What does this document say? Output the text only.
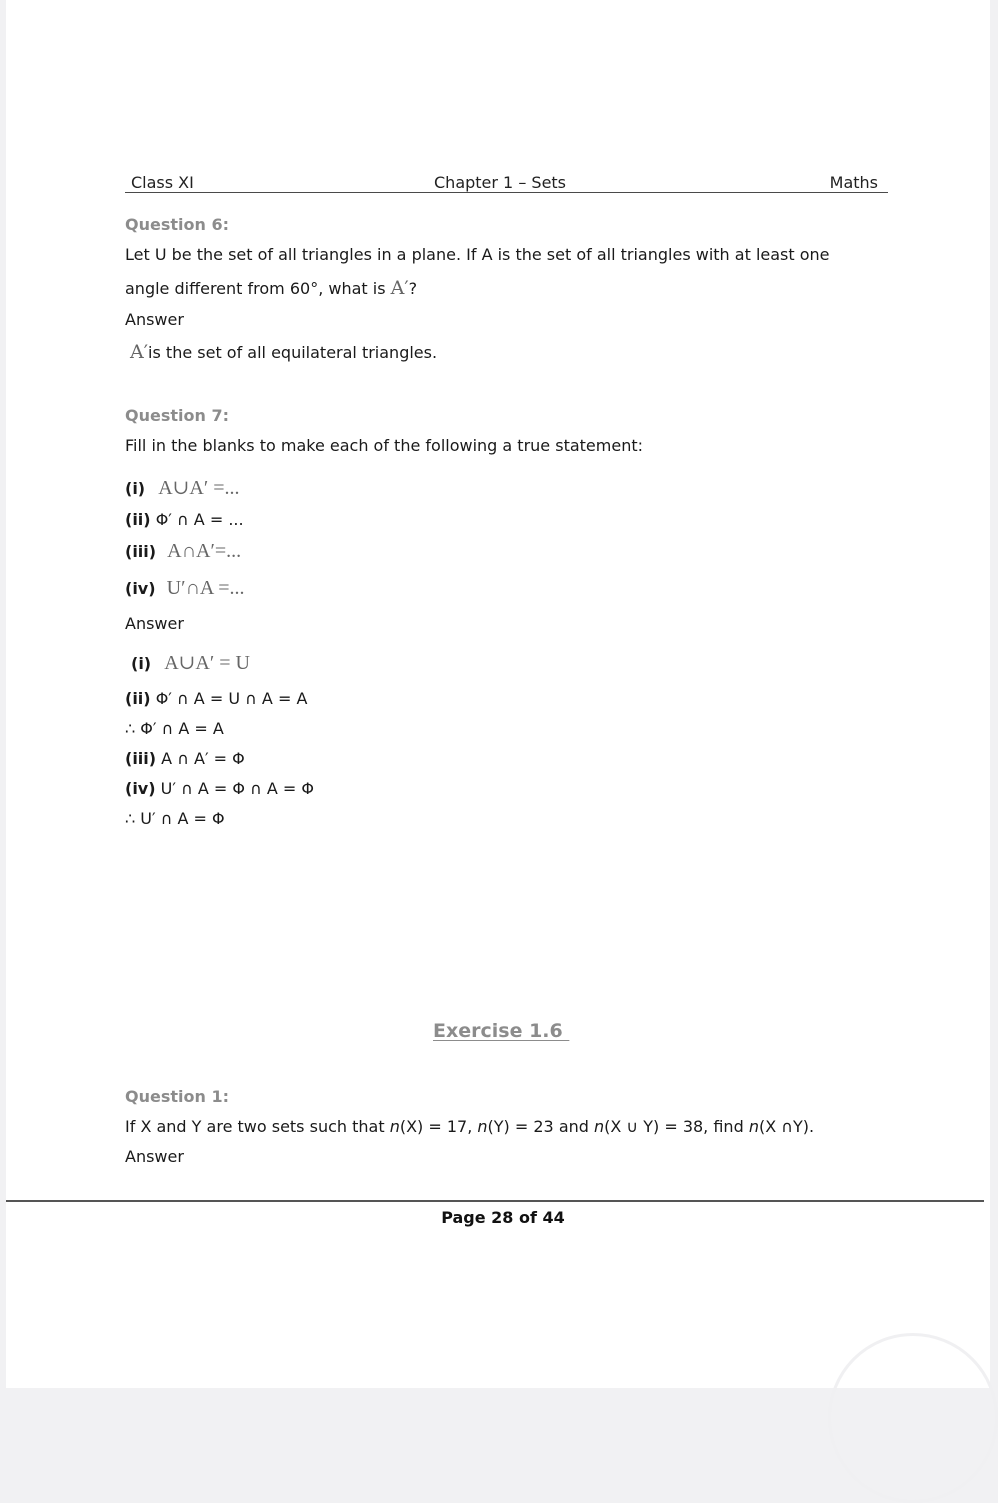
Class XI	Chapter 1 – Sets	Maths
Question 6:
Let U be the set of all triangles in a plane. If A is the set of all triangles with at least one
angle different from 60°, what is A′?
Answer
A′is the set of all equilateral triangles.
Question 7:
Fill in the blanks to make each of the following a true statement:
(i) A∪A′ =...
(ii) Φ′ ∩ A = ...
(iii) A∩A′=...
(iv) U′∩A =...
Answer
(i) A∪A′ = U
(ii) Φ′ ∩ A = U ∩ A = A
∴ Φ′ ∩ A = A
(iii) A ∩ A′ = Φ
(iv) U′ ∩ A = Φ ∩ A = Φ
∴ U′ ∩ A = Φ
Exercise 1.6
Question 1:
If X and Y are two sets such that n(X) = 17, n(Y) = 23 and n(X ∪ Y) = 38, find n(X ∩Y).
Answer
Page 28 of 44
